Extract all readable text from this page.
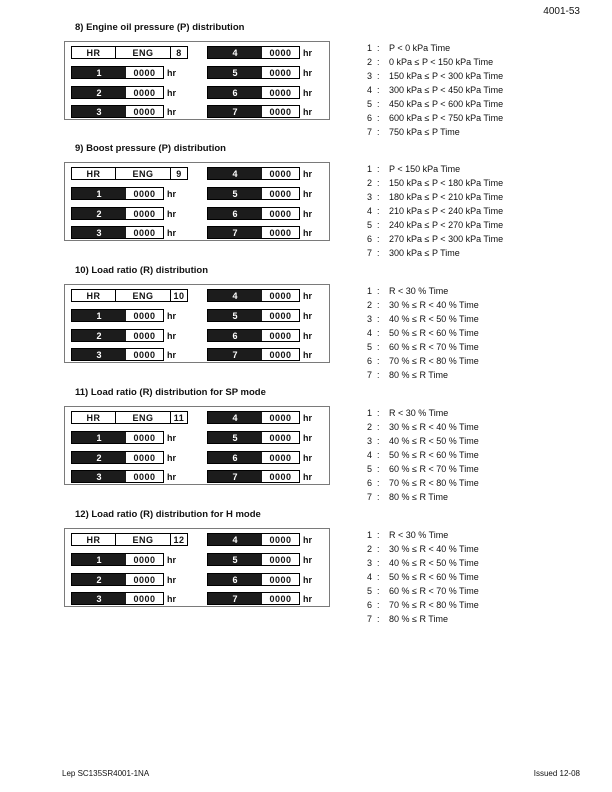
4001-53
8) Engine oil pressure (P) distribution
HR	ENG	8
1	0000	hr
2	0000	hr
3	0000	hr
4	0000	hr
5	0000	hr
6	0000	hr
7	0000	hr
1 :	P < 0 kPa Time
2 :	0 kPa ≤ P < 150 kPa Time
3 :	150 kPa ≤ P < 300 kPa Time
4 :	300 kPa ≤ P < 450 kPa Time
5 :	450 kPa ≤ P < 600 kPa Time
6 :	600 kPa ≤ P < 750 kPa Time
7 :	750 kPa ≤ P Time
9) Boost pressure (P) distribution
HR	ENG	9
1	0000	hr
2	0000	hr
3	0000	hr
4	0000	hr
5	0000	hr
6	0000	hr
7	0000	hr
1 :	P < 150 kPa Time
2 :	150 kPa ≤ P < 180 kPa Time
3 :	180 kPa ≤ P < 210 kPa Time
4 :	210 kPa ≤ P < 240 kPa Time
5 :	240 kPa ≤ P < 270 kPa Time
6 :	270 kPa ≤ P < 300 kPa Time
7 :	300 kPa ≤ P Time
10) Load ratio (R) distribution
HR	ENG	10
1	0000	hr
2	0000	hr
3	0000	hr
4	0000	hr
5	0000	hr
6	0000	hr
7	0000	hr
1 :	R < 30 % Time
2 :	30 % ≤ R < 40 % Time
3 :	40 % ≤ R < 50 % Time
4 :	50 % ≤ R < 60 % Time
5 :	60 % ≤ R < 70 % Time
6 :	70 % ≤ R < 80 % Time
7 :	80 % ≤ R Time
11) Load ratio (R) distribution for SP mode
HR	ENG	11
1	0000	hr
2	0000	hr
3	0000	hr
4	0000	hr
5	0000	hr
6	0000	hr
7	0000	hr
1 :	R < 30 % Time
2 :	30 % ≤ R < 40 % Time
3 :	40 % ≤ R < 50 % Time
4 :	50 % ≤ R < 60 % Time
5 :	60 % ≤ R < 70 % Time
6 :	70 % ≤ R < 80 % Time
7 :	80 % ≤ R Time
12) Load ratio (R) distribution for H mode
HR	ENG	12
1	0000	hr
2	0000	hr
3	0000	hr
4	0000	hr
5	0000	hr
6	0000	hr
7	0000	hr
1 :	R < 30 % Time
2 :	30 % ≤ R < 40 % Time
3 :	40 % ≤ R < 50 % Time
4 :	50 % ≤ R < 60 % Time
5 :	60 % ≤ R < 70 % Time
6 :	70 % ≤ R < 80 % Time
7 :	80 % ≤ R Time
Lep SC135SR4001-1NA	Issued 12-08
